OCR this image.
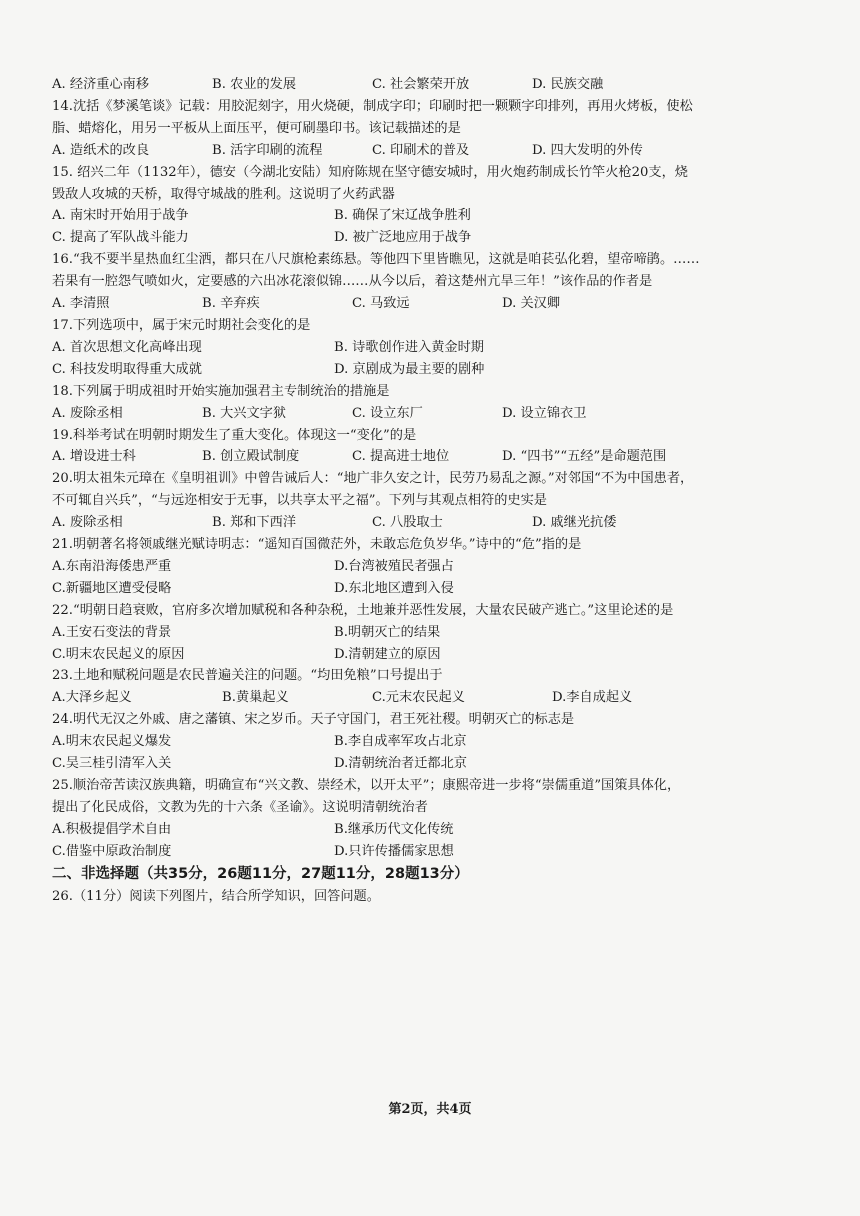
A. 经济重心南移	B. 农业的发展	C. 社会繁荣开放	D. 民族交融
14.沈括《梦溪笔谈》记载：用胶泥刻字，用火烧硬，制成字印；印刷时把一颗颗字印排列，再用火烤板，使松
脂、蜡熔化，用另一平板从上面压平，便可刷墨印书。该记载描述的是
A. 造纸术的改良	B. 活字印刷的流程	C. 印刷术的普及	D. 四大发明的外传
15. 绍兴二年（1132年），德安（今湖北安陆）知府陈规在坚守德安城时，用火炮药制成长竹竿火枪20支，烧
毁敌人攻城的天桥，取得守城战的胜利。这说明了火药武器
A. 南宋时开始用于战争	B. 确保了宋辽战争胜利
C. 提高了军队战斗能力	D. 被广泛地应用于战争
16.“我不要半星热血红尘洒，都只在八尺旗枪素练悬。等他四下里皆瞧见，这就是咱苌弘化碧，望帝啼鹃。……
若果有一腔怨气喷如火，定要感的六出冰花滚似锦……从今以后，着这楚州亢旱三年！”该作品的作者是
A. 李清照	B. 辛弃疾	C. 马致远	D. 关汉卿
17.下列选项中，属于宋元时期社会变化的是
A. 首次思想文化高峰出现	B. 诗歌创作进入黄金时期
C. 科技发明取得重大成就	D. 京剧成为最主要的剧种
18.下列属于明成祖时开始实施加强君主专制统治的措施是
A. 废除丞相	B. 大兴文字狱	C. 设立东厂	D. 设立锦衣卫
19.科举考试在明朝时期发生了重大变化。体现这一“变化”的是
A. 增设进士科	B. 创立殿试制度	C. 提高进士地位	D. “四书”“五经”是命题范围
20.明太祖朱元璋在《皇明祖训》中曾告诫后人：“地广非久安之计，民劳乃易乱之源。”对邻国“不为中国患者，
不可辄自兴兵”，“与远迩相安于无事，以共享太平之福”。下列与其观点相符的史实是
A. 废除丞相	B. 郑和下西洋	C. 八股取士	D. 戚继光抗倭
21.明朝著名将领戚继光赋诗明志：“遥知百国微茫外，未敢忘危负岁华。”诗中的“危”指的是
A.东南沿海倭患严重	D.台湾被殖民者强占
C.新疆地区遭受侵略	D.东北地区遭到入侵
22.“明朝日趋衰败，官府多次增加赋税和各种杂税，土地兼并恶性发展，大量农民破产逃亡。”这里论述的是
A.王安石变法的背景	B.明朝灭亡的结果
C.明末农民起义的原因	D.清朝建立的原因
23.土地和赋税问题是农民普遍关注的问题。“均田免粮”口号提出于
A.大泽乡起义	B.黄巢起义	C.元末农民起义	D.李自成起义
24.明代无汉之外戚、唐之藩镇、宋之岁币。天子守国门，君王死社稷。明朝灭亡的标志是
A.明末农民起义爆发	B.李自成率军攻占北京
C.吴三桂引清军入关	D.清朝统治者迁都北京
25.顺治帝苦读汉族典籍，明确宣布“兴文教、崇经术，以开太平”；康熙帝进一步将“崇儒重道”国策具体化，
提出了化民成俗，文教为先的十六条《圣谕》。这说明清朝统治者
A.积极提倡学术自由	B.继承历代文化传统
C.借鉴中原政治制度	D.只许传播儒家思想
二、非选择题（共35分，26题11分，27题11分，28题13分）
26.（11分）阅读下列图片，结合所学知识，回答问题。
第2页，共4页
